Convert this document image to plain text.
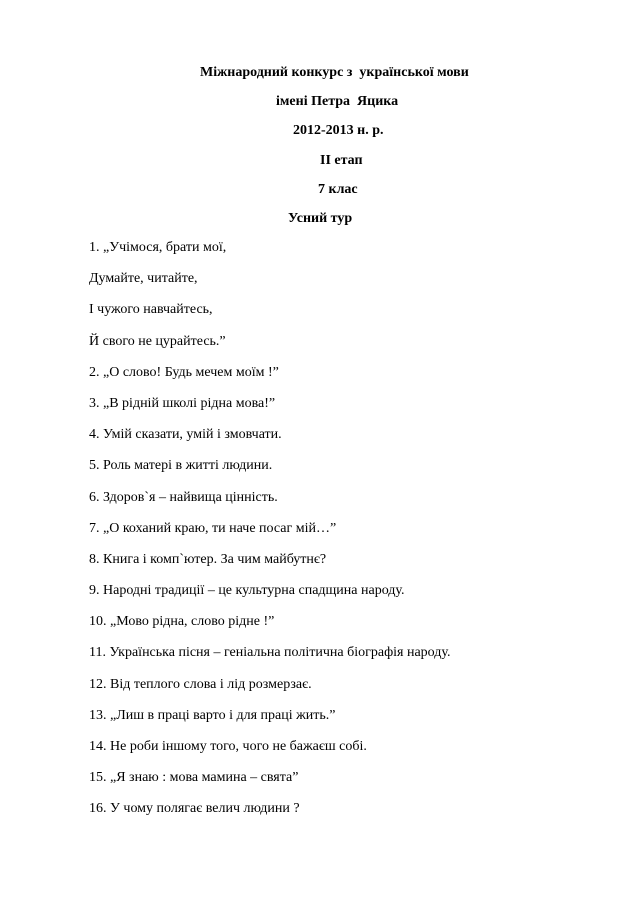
Міжнародний конкурс з  української мови
імені Петра  Яцика
2012-2013 н. р.
ІІ етап
7 клас
Усний тур
1. „Учімося, брати мої,
Думайте, читайте,
І чужого навчайтесь,
Й свого не цурайтесь.”
2. „О слово! Будь мечем моїм !”
3. „В рідній школі рідна мова!”
4. Умій сказати, умій і змовчати.
5. Роль матері в житті людини.
6. Здоров`я – найвища цінність.
7. „О коханий краю, ти наче посаг мій…”
8. Книга і комп`ютер. За чим майбутнє?
9. Народні традиції – це культурна спадщина народу.
10. „Мово рідна, слово рідне !”
11. Українська пісня – геніальна політична біографія народу.
12. Від теплого слова і лід розмерзає.
13. „Лиш в праці варто і для праці жить.”
14. Не роби іншому того, чого не бажаєш собі.
15. „Я знаю : мова мамина – свята”
16. У чому полягає велич людини ?
